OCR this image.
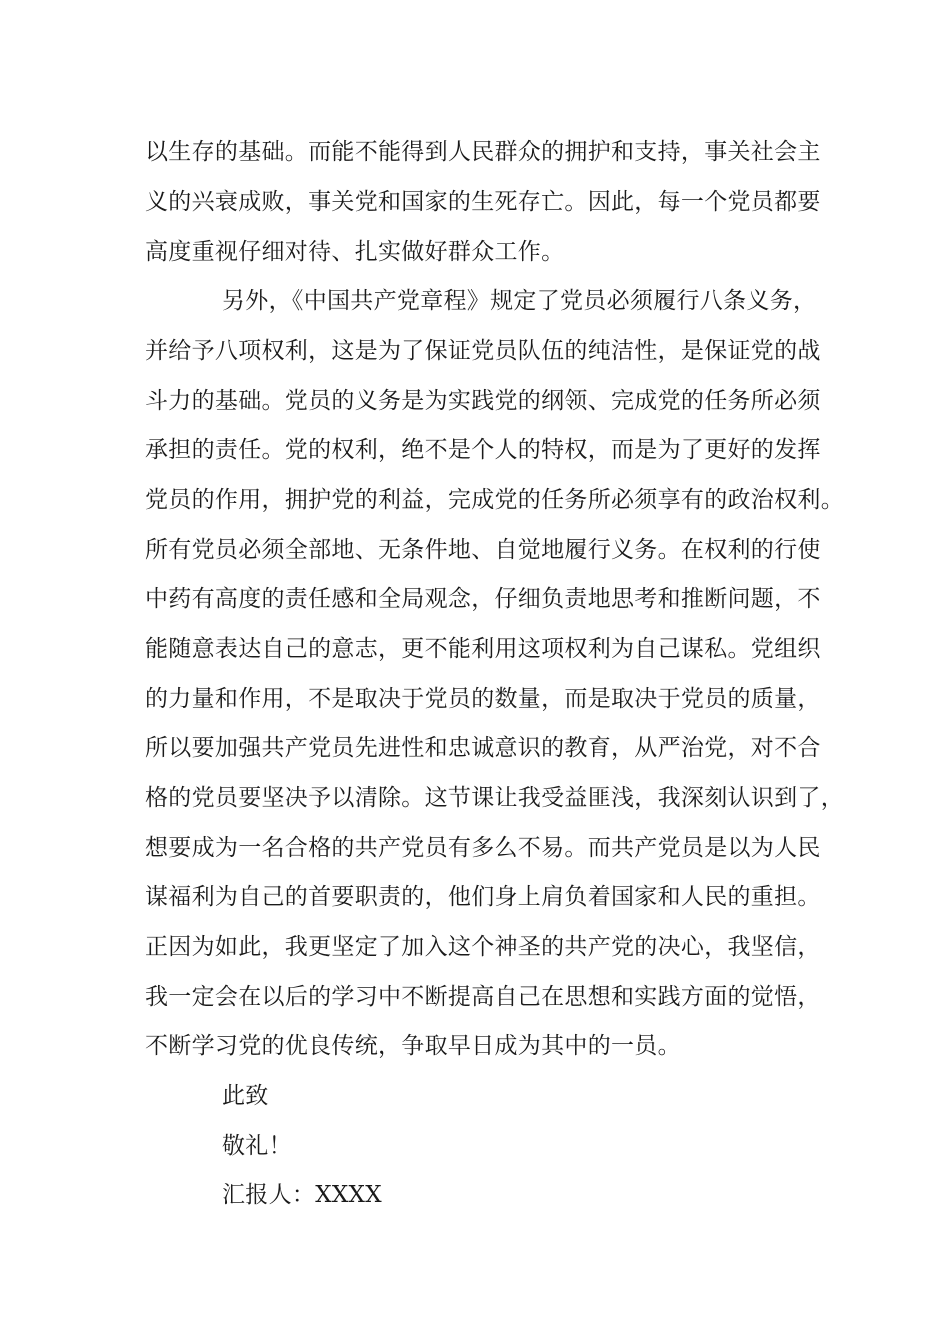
以生存的基础。而能不能得到人民群众的拥护和支持，事关社会主
义的兴衰成败，事关党和国家的生死存亡。因此，每一个党员都要
高度重视仔细对待、扎实做好群众工作。
另外，《中国共产党章程》规定了党员必须履行八条义务，
并给予八项权利，这是为了保证党员队伍的纯洁性，是保证党的战
斗力的基础。党员的义务是为实践党的纲领、完成党的任务所必须
承担的责任。党的权利，绝不是个人的特权，而是为了更好的发挥
党员的作用，拥护党的利益，完成党的任务所必须享有的政治权利。
所有党员必须全部地、无条件地、自觉地履行义务。在权利的行使
中药有高度的责任感和全局观念，仔细负责地思考和推断问题，不
能随意表达自己的意志，更不能利用这项权利为自己谋私。党组织
的力量和作用，不是取决于党员的数量，而是取决于党员的质量，
所以要加强共产党员先进性和忠诚意识的教育，从严治党，对不合
格的党员要坚决予以清除。这节课让我受益匪浅，我深刻认识到了，
想要成为一名合格的共产党员有多么不易。而共产党员是以为人民
谋福利为自己的首要职责的，他们身上肩负着国家和人民的重担。
正因为如此，我更坚定了加入这个神圣的共产党的决心，我坚信，
我一定会在以后的学习中不断提高自己在思想和实践方面的觉悟，
不断学习党的优良传统，争取早日成为其中的一员。
此致
敬礼！
汇报人：XXXX
